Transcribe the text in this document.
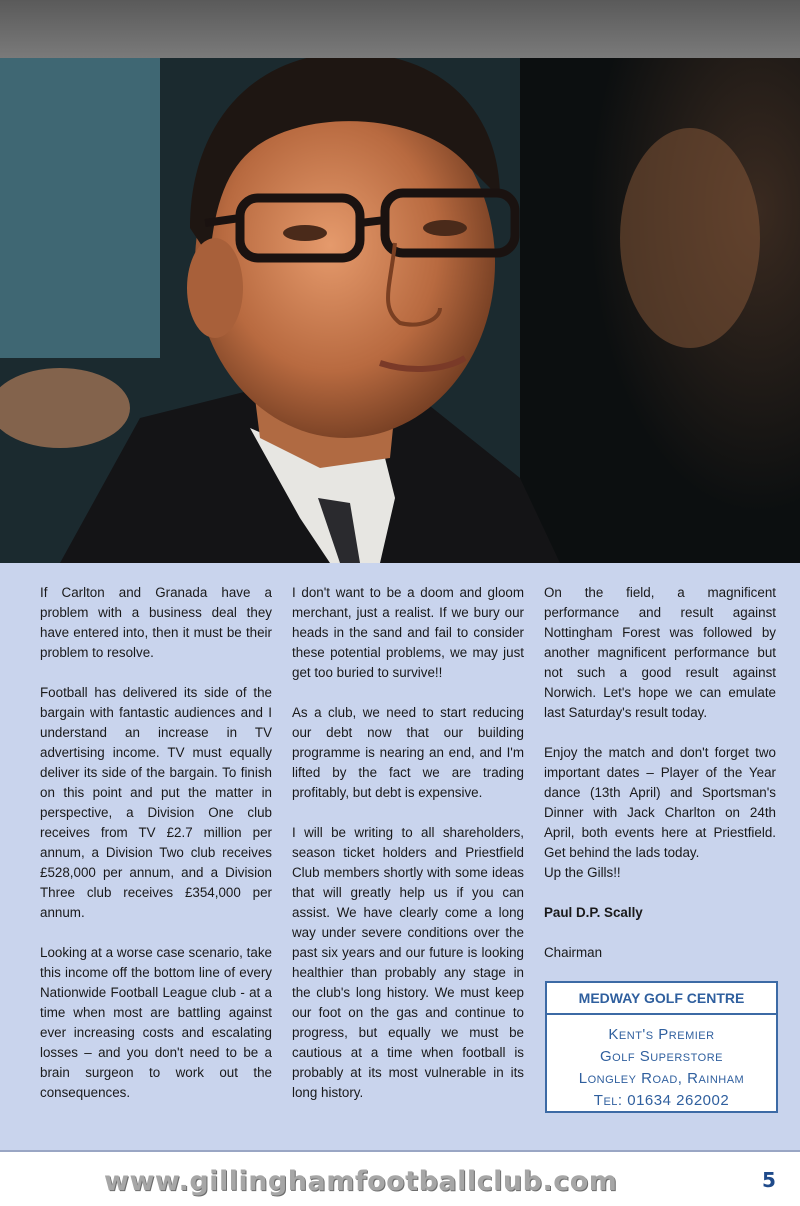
If Carlton and Granada have a problem with a business deal they have entered into, then it must be their problem to resolve.

Football has delivered its side of the bargain with fantastic audiences and I understand an increase in TV advertising income. TV must equally deliver its side of the bargain. To finish on this point and put the matter in perspective, a Division One club receives from TV £2.7 million per annum, a Division Two club receives £528,000 per annum, and a Division Three club receives £354,000 per annum.

Looking at a worse case scenario, take this income off the bottom line of every Nationwide Football League club - at a time when most are battling against ever increasing costs and escalating losses – and you don't need to be a brain surgeon to work out the consequences.

I don't want to be a doom and gloom merchant, just a realist. If we bury our heads in the sand and fail to consider these potential problems, we may just get too buried to survive!!

As a club, we need to start reducing our debt now that our building programme is nearing an end, and I'm lifted by the fact we are trading profitably, but debt is expensive.

I will be writing to all shareholders, season ticket holders and Priestfield Club members shortly with some ideas that will greatly help us if you can assist. We have clearly come a long way under severe conditions over the past six years and our future is looking healthier than probably any stage in the club's long history. We must keep our foot on the gas and continue to progress, but equally we must be cautious at a time when football is probably at its most vulnerable in its long history.

On the field, a magnificent performance and result against Nottingham Forest was followed by another magnificent performance but not such a good result against Norwich. Let's hope we can emulate last Saturday's result today.

Enjoy the match and don't forget two important dates – Player of the Year dance (13th April) and Sportsman's Dinner with Jack Charlton on 24th April, both events here at Priestfield. Get behind the lads today.

Up the Gills!!

Paul D.P. Scally

Chairman

MEDWAY GOLF CENTRE
Kent's Premier
Golf Superstore
Longley Road, Rainham
Tel: 01634 262002
www.gillinghamfootballclub.com	5
